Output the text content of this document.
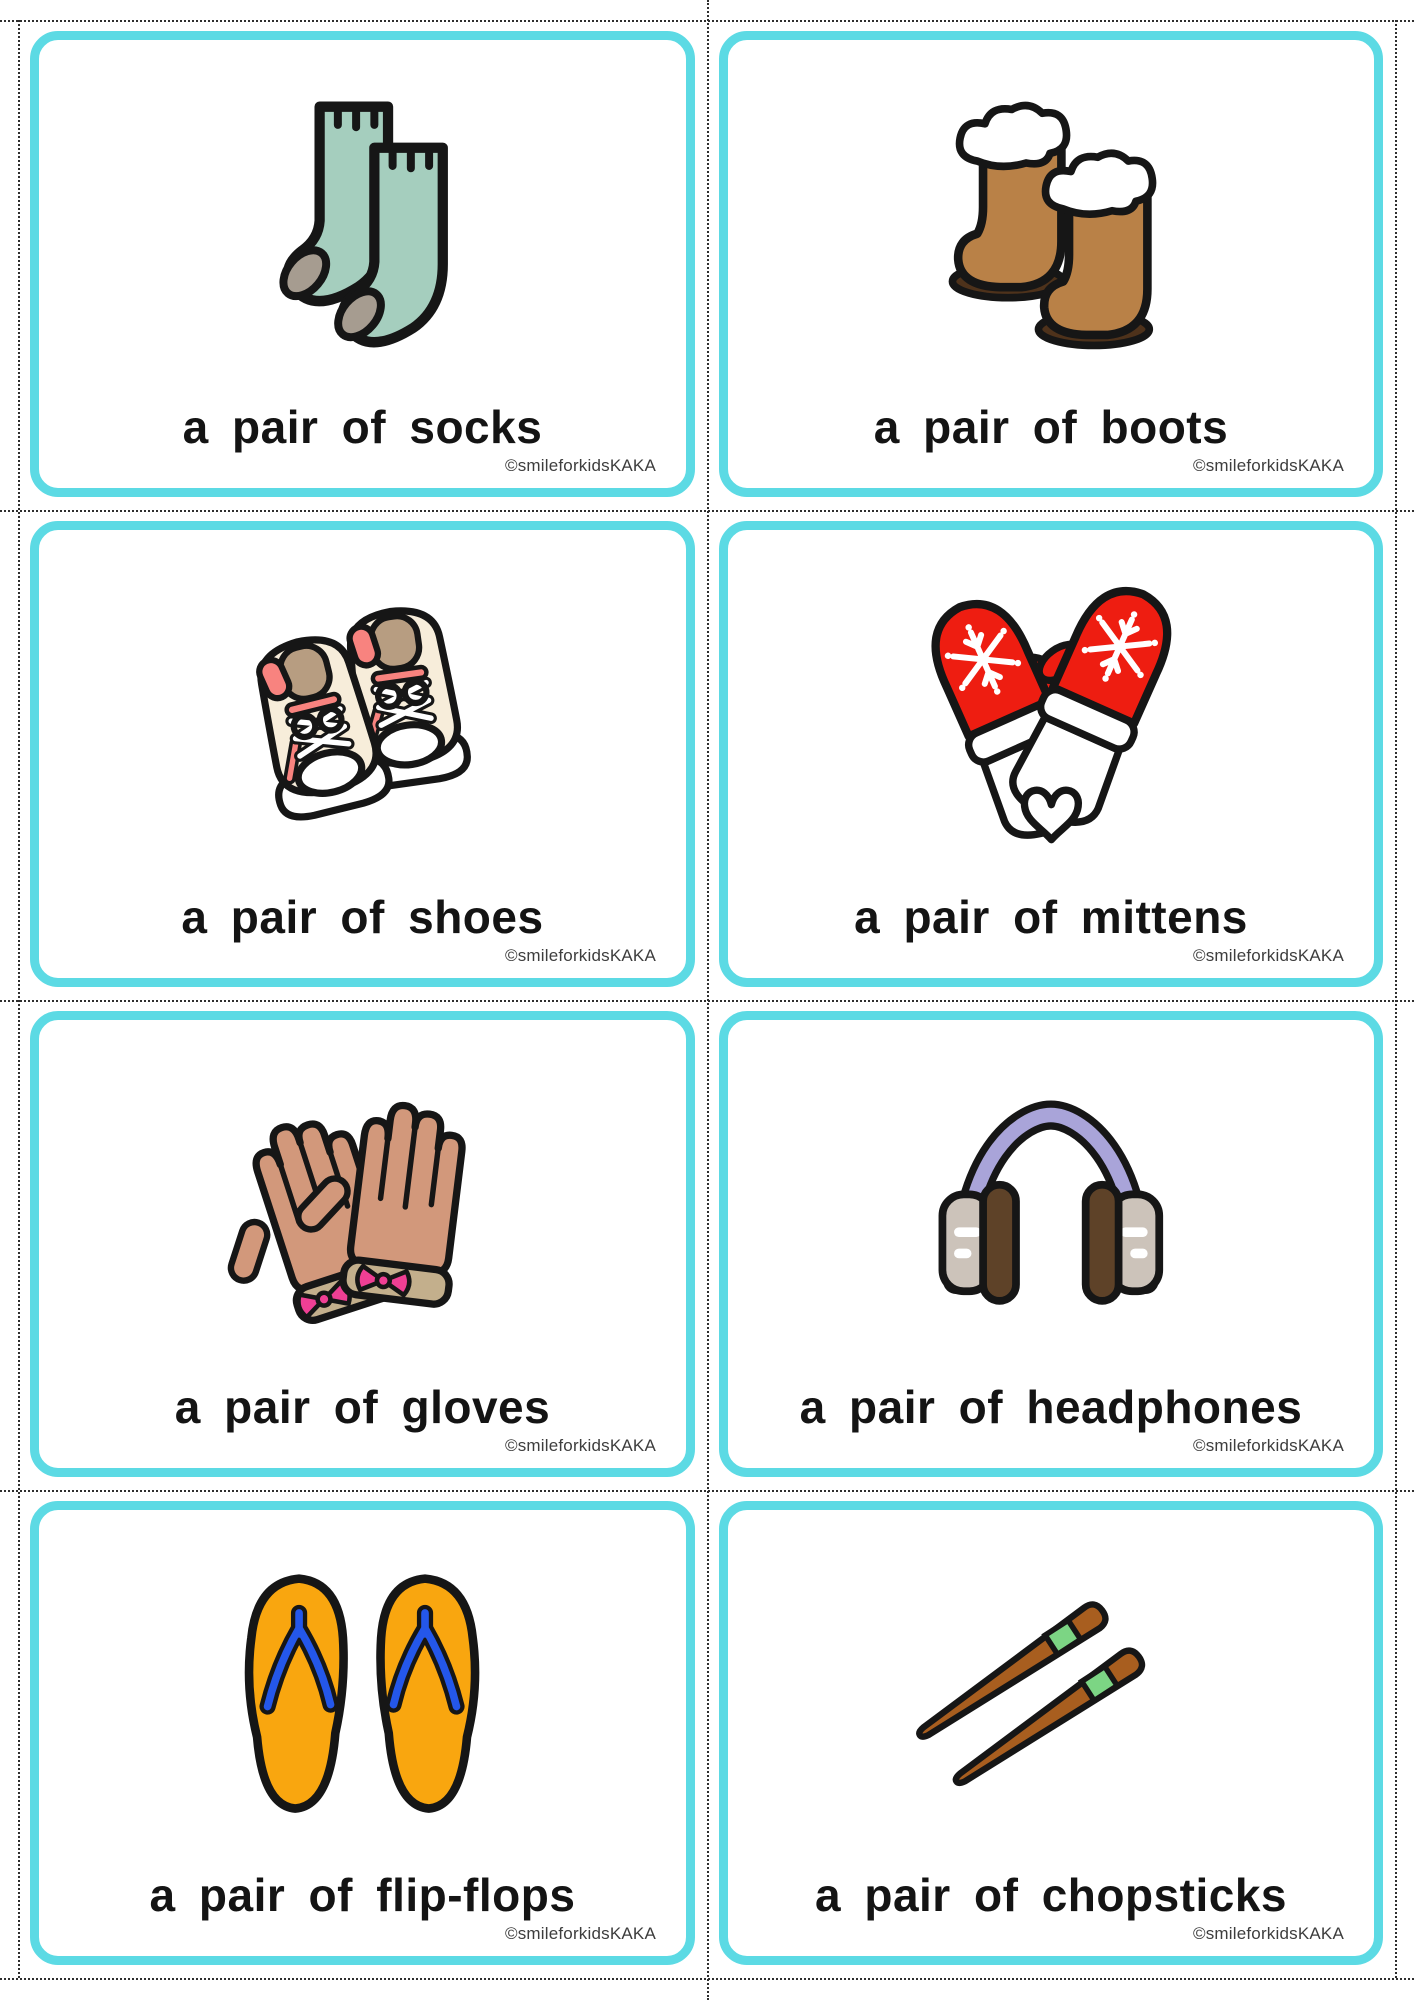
a pair of socks
©smileforkidsKAKA
a pair of boots
©smileforkidsKAKA
a pair of shoes
©smileforkidsKAKA
a pair of mittens
©smileforkidsKAKA
a pair of gloves
©smileforkidsKAKA
a pair of headphones
©smileforkidsKAKA
a pair of flip-flops
©smileforkidsKAKA
a pair of chopsticks
©smileforkidsKAKA
